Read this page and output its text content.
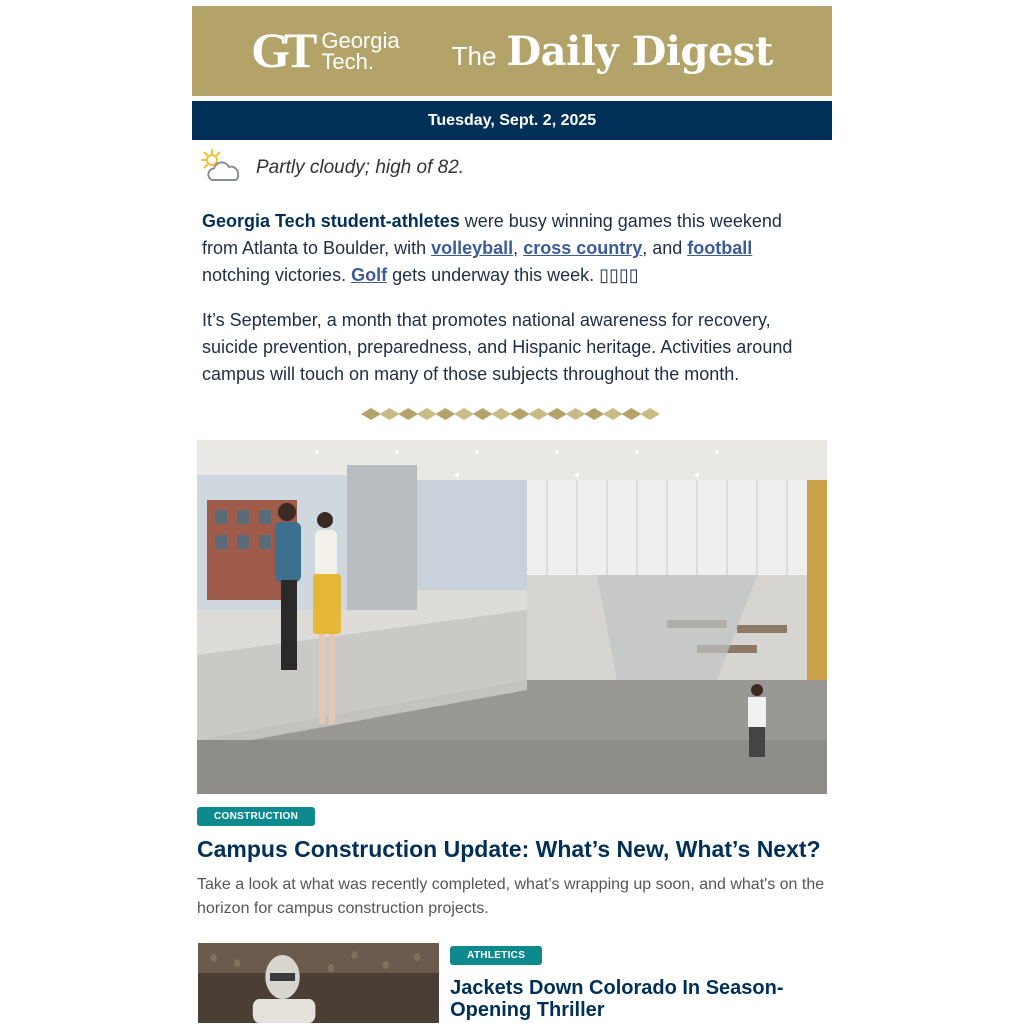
GT Georgia
Tech.	The Daily Digest
Tuesday, Sept. 2, 2025
Partly cloudy; high of 82.

Georgia Tech student-athletes were busy winning games this weekend from Atlanta to Boulder, with volleyball, cross country, and football notching victories. Golf gets underway this week. ▯▯▯▯

It’s September, a month that promotes national awareness for recovery, suicide prevention, preparedness, and Hispanic heritage. Activities around campus will touch on many of those subjects throughout the month.

CONSTRUCTION
Campus Construction Update: What’s New, What’s Next?

Take a look at what was recently completed, what’s wrapping up soon, and what's on the horizon for campus construction projects.

ATHLETICS
Jackets Down Colorado In Season-Opening Thriller
